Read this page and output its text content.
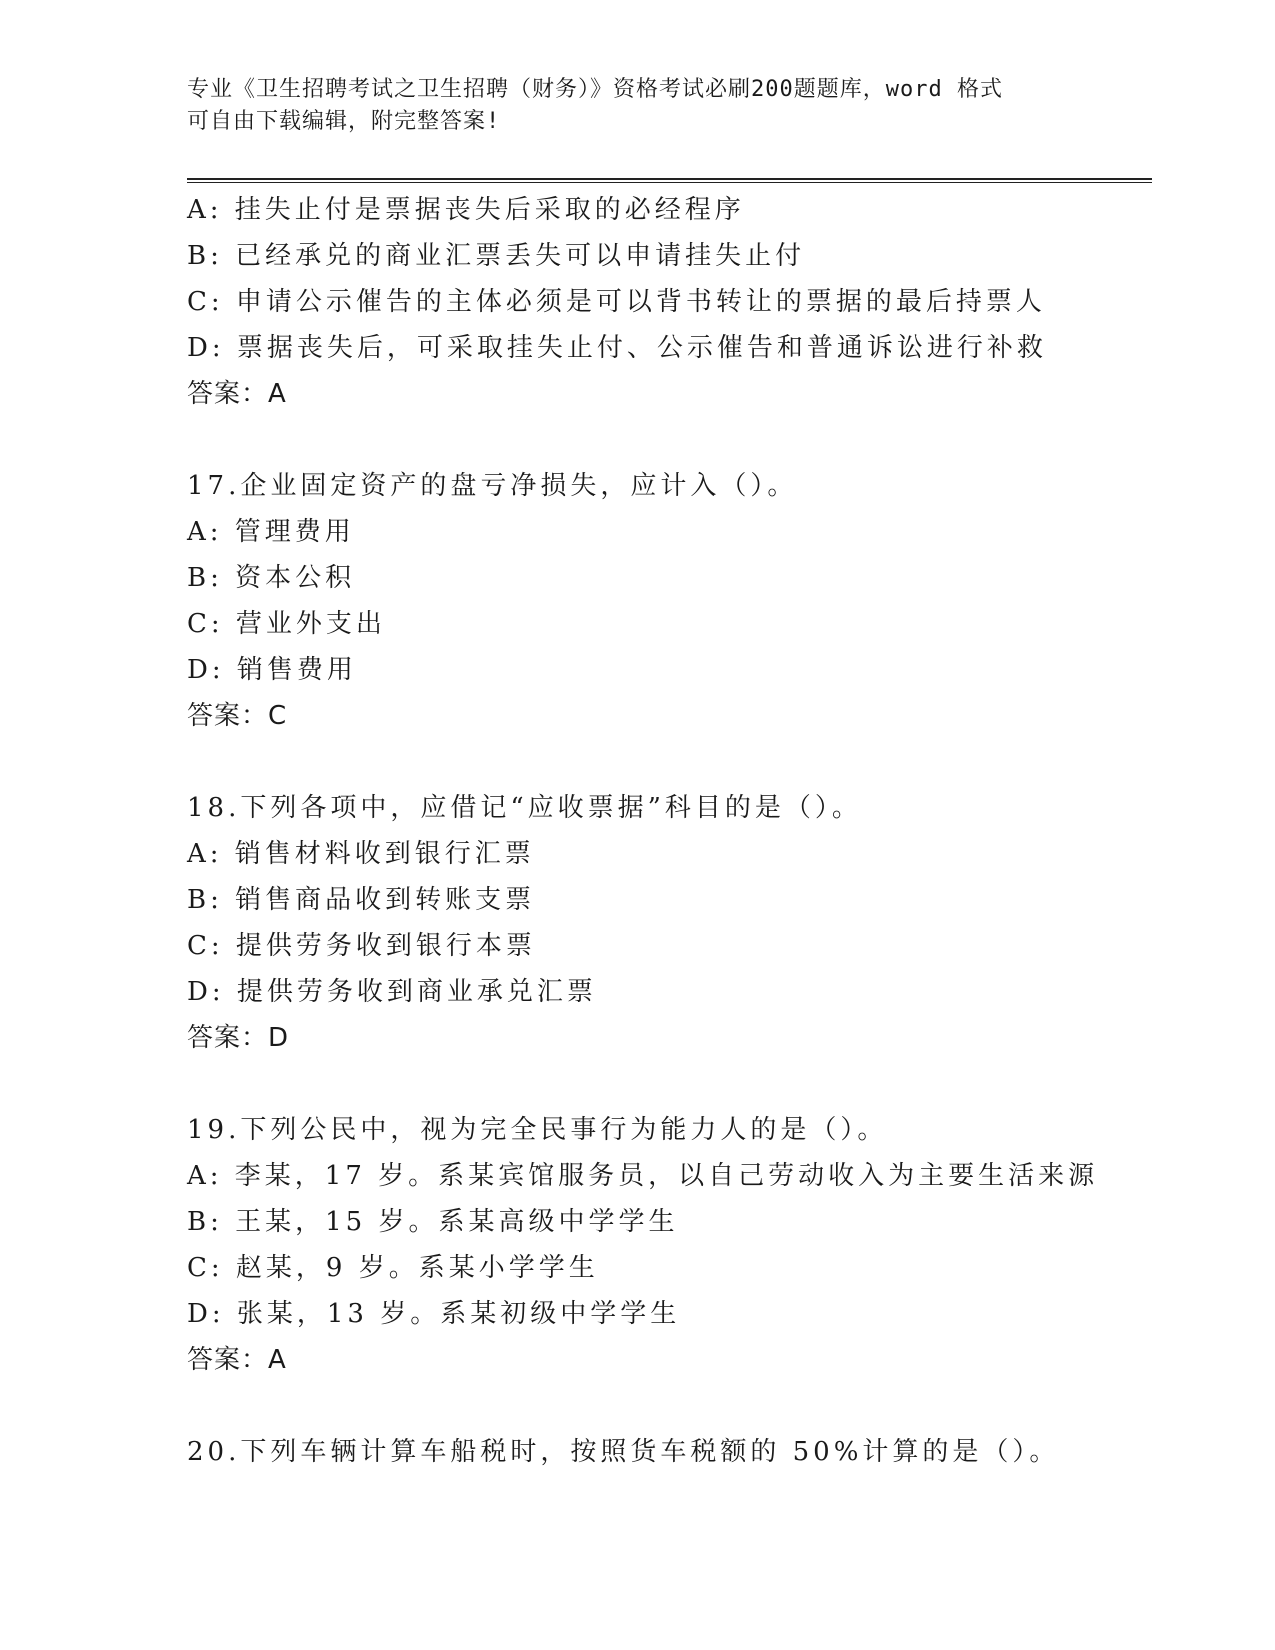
专业《卫生招聘考试之卫生招聘（财务）》资格考试必刷200题题库，word 格式
可自由下载编辑，附完整答案!
A: 挂失止付是票据丧失后采取的必经程序
B: 已经承兑的商业汇票丢失可以申请挂失止付
C: 申请公示催告的主体必须是可以背书转让的票据的最后持票人
D: 票据丧失后，可采取挂失止付、公示催告和普通诉讼进行补救
答案：A
17.企业固定资产的盘亏净损失，应计入（）。
A: 管理费用
B: 资本公积
C: 营业外支出
D: 销售费用
答案：C
18.下列各项中，应借记“应收票据”科目的是（）。
A: 销售材料收到银行汇票
B: 销售商品收到转账支票
C: 提供劳务收到银行本票
D: 提供劳务收到商业承兑汇票
答案：D
19.下列公民中，视为完全民事行为能力人的是（）。
A: 李某，17 岁。系某宾馆服务员，以自己劳动收入为主要生活来源
B: 王某，15 岁。系某高级中学学生
C: 赵某，9 岁。系某小学学生
D: 张某，13 岁。系某初级中学学生
答案：A
20.下列车辆计算车船税时，按照货车税额的 50%计算的是（）。
